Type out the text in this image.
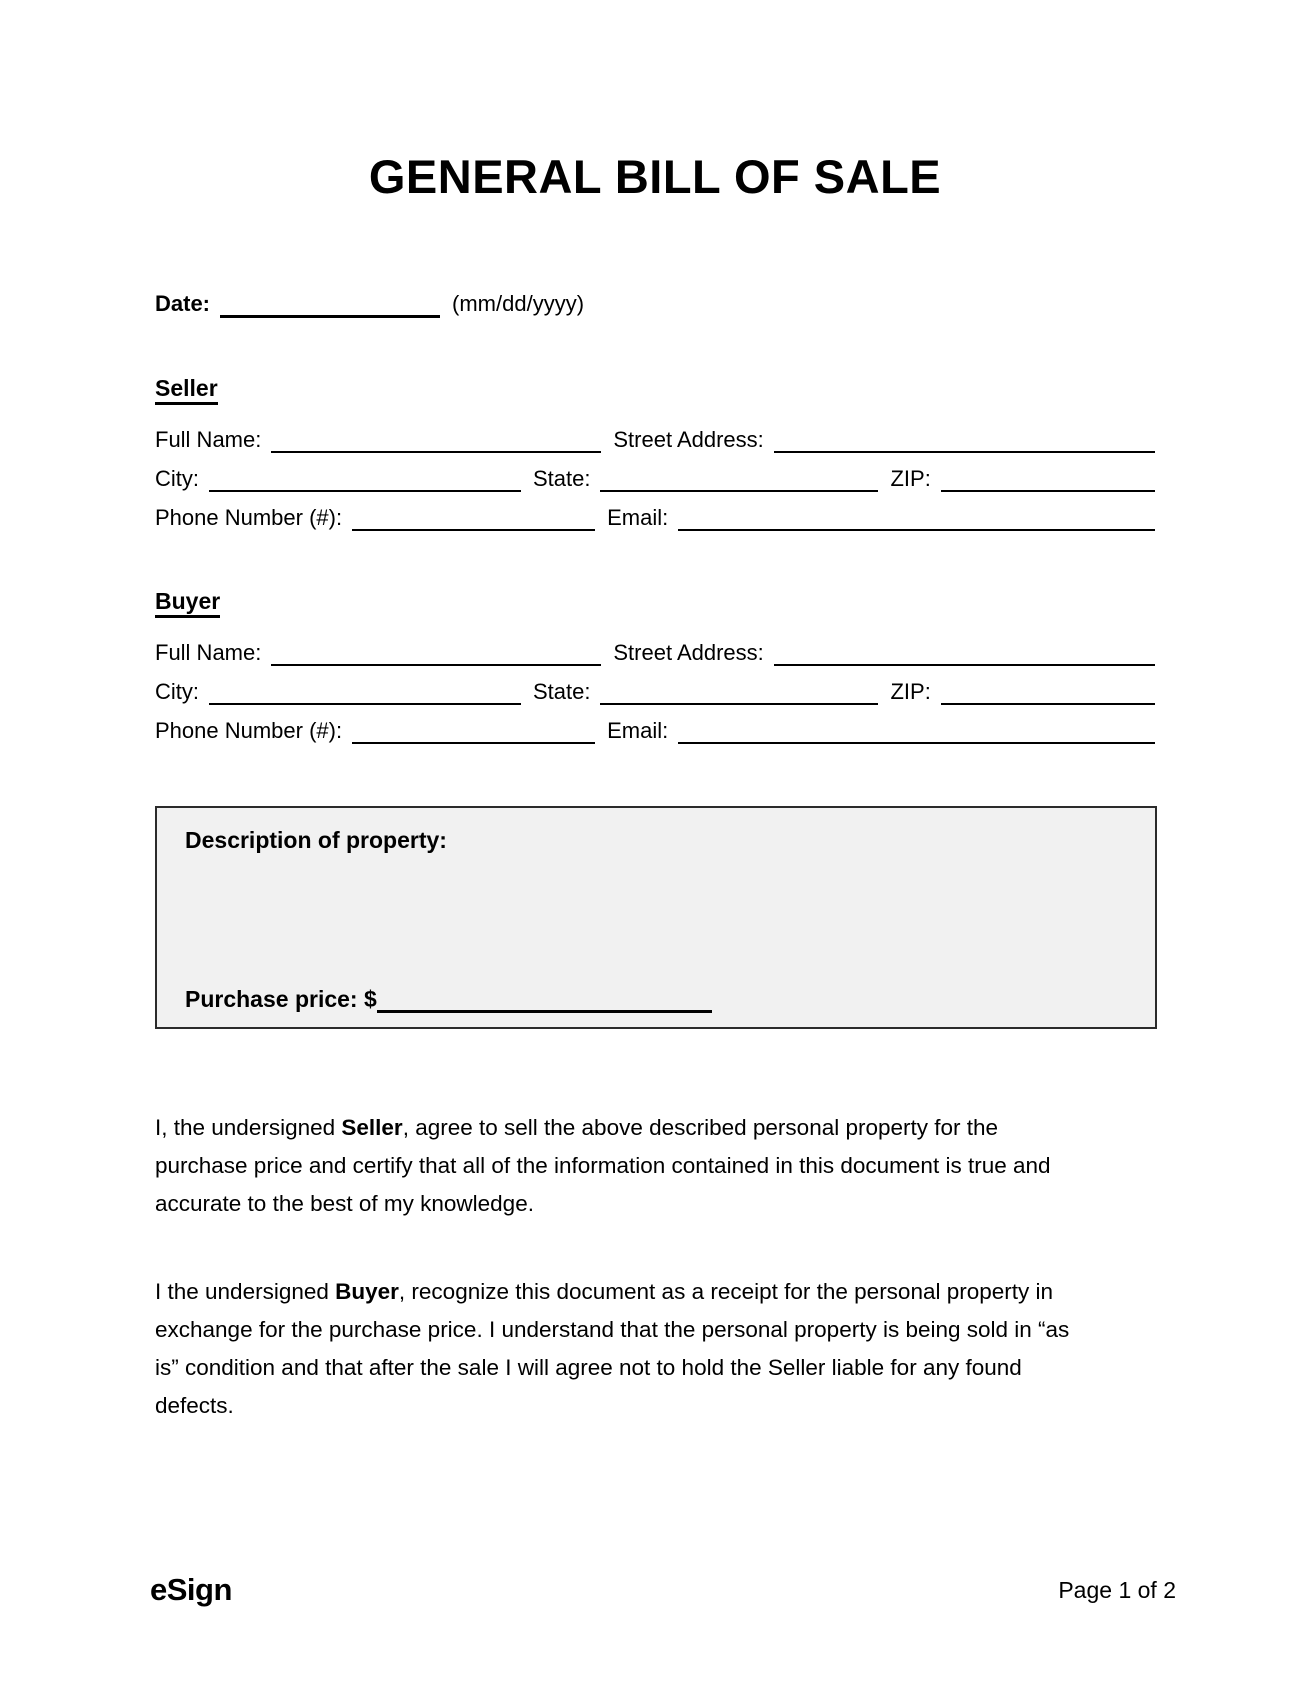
GENERAL BILL OF SALE
Date:	(mm/dd/yyyy)
Seller
Full Name:	Street Address:
City:	State:	ZIP:
Phone Number (#):	Email:
Buyer
Full Name:	Street Address:
City:	State:	ZIP:
Phone Number (#):	Email:
Description of property:
Purchase price:
$

I, the undersigned Seller, agree to sell the above described personal property for the purchase price and certify that all of the information contained in this document is true and accurate to the best of my knowledge.

I the undersigned Buyer, recognize this document as a receipt for the personal property in exchange for the purchase price. I understand that the personal property is being sold in “as is” condition and that after the sale I will agree not to hold the Seller liable for any found defects.

eSign	Page 1 of 2
